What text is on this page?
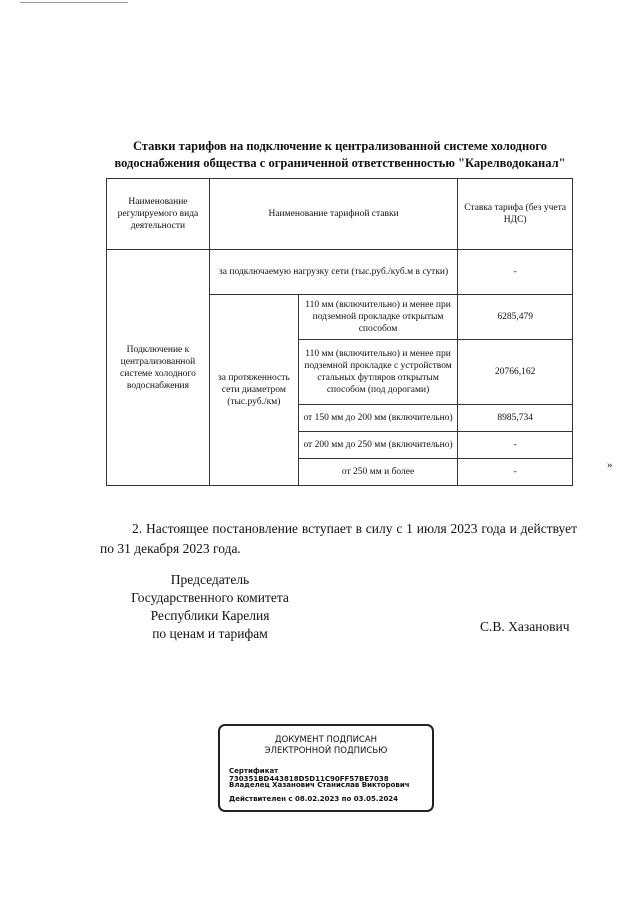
Ставки тарифов на подключение к централизованной системе холодного
водоснабжения общества с ограниченной ответственностью "Карелводоканал"
Наименование регулируемого вида деятельности	Наименование тарифной ставки		Ставка тарифа (без учета НДС)
Подключение к централизованной системе холодного водоснабжения	за подключаемую нагрузку сети (тыс.руб./куб.м в сутки)		-
	за протяженность сети диаметром (тыс.руб./км)	110 мм (включительно) и менее при подземной прокладке открытым способом	6285,479
		110 мм (включительно) и менее при подземной прокладке с устройством стальных футляров открытым способом (под дорогами)	20766,162
		от 150 мм до 200 мм (включительно)	8985,734
		от 200 мм до 250 мм (включительно)	-
		от 250 мм и более	-
»
2. Настоящее постановление вступает в силу с 1 июля 2023 года и действует по 31 декабря 2023 года.
Председатель
Государственного комитета
Республики Карелия
по ценам и тарифам	С.В. Хазанович
ДОКУМЕНТ ПОДПИСАН
ЭЛЕКТРОННОЙ ПОДПИСЬЮ
Сертификат 730351BD443818D5D11C90FF57BE7038
Владелец Хазанович Станислав Викторович
Действителен с 08.02.2023 по 03.05.2024
